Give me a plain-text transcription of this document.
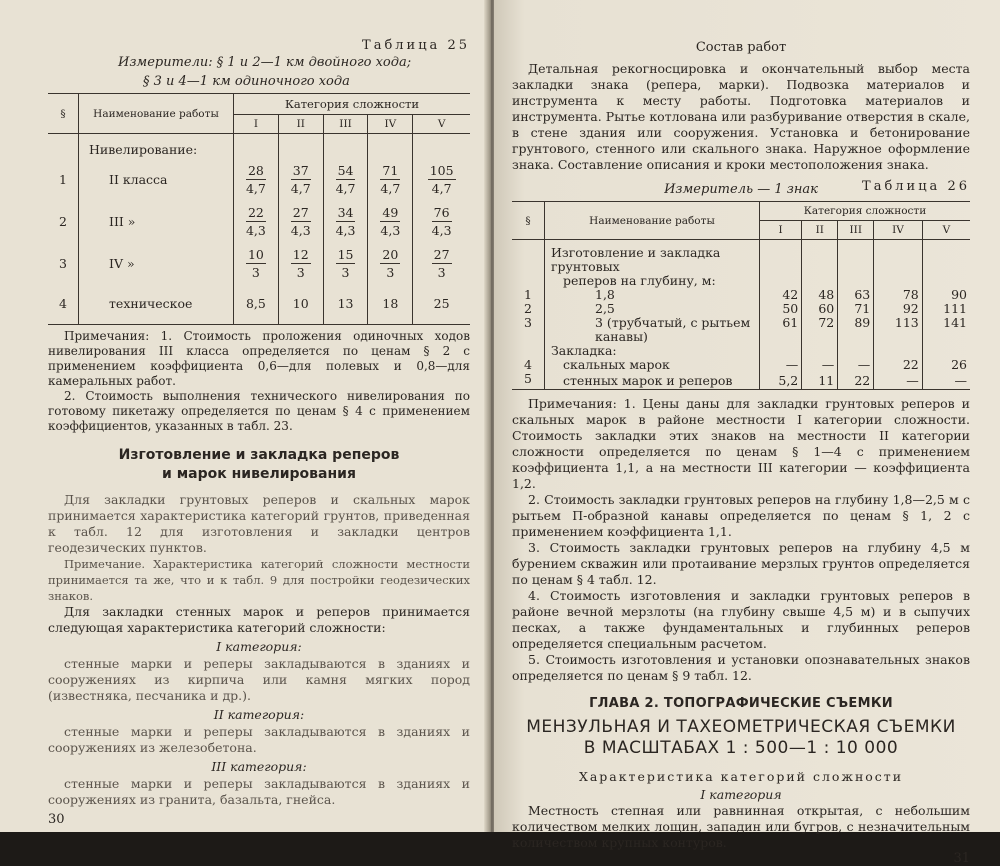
Таблица 25
Измерители: § 1 и 2—1 км двойного хода;
§ 3 и 4—1 км одиночного хода
§	Наименование работы	Категория сложности				
		I	II	III	IV	V
	Нивелирование:					
1	II класса	$\frac{28}{4,7}$	$\frac{37}{4,7}$	$\frac{54}{4,7}$	$\frac{71}{4,7}$	$\frac{105}{4,7}$

2	III »	$\frac{22}{4,3}$	$\frac{27}{4,3}$	$\frac{34}{4,3}$	$\frac{49}{4,3}$	$\frac{76}{4,3}$

3	IV »	$\frac{10}{3}$	$\frac{12}{3}$	$\frac{15}{3}$	$\frac{20}{3}$	$\frac{27}{3}$

4	техническое	8,5	10	13	18	25

Примечания: 1. Стоимость проложения одиночных ходов нивелирования III класса определяется по ценам § 2 с применением коэффициента 0,6—для полевых и 0,8—для камеральных работ.

2. Стоимость выполнения технического нивелирования по готовому пикетажу определяется по ценам § 4 с применением коэффициентов, указанных в табл. 23.

Изготовление и закладка реперов
и марок нивелирования

Для закладки грунтовых реперов и скальных марок принимается характеристика категорий грунтов, приведенная к табл. 12 для изготовления и закладки центров геодезических пунктов.

Примечание. Характеристика категорий сложности местности принимается та же, что и к табл. 9 для постройки геодезических знаков.

Для закладки стенных марок и реперов принимается следующая характеристика категорий сложности:

I категория:

стенные марки и реперы закладываются в зданиях и сооружениях из кирпича или камня мягких пород (известняка, песчаника и др.).

II категория:

стенные марки и реперы закладываются в зданиях и сооружениях из железобетона.

III категория:

стенные марки и реперы закладываются в зданиях и сооружениях из гранита, базальта, гнейса.

30
Состав работ

Детальная рекогносцировка и окончательный выбор места закладки знака (репера, марки). Подвозка материалов и инструмента к месту работы. Подготовка материалов и инструмента. Рытье котлована или разбуривание отверстия в скале, в стене здания или сооружения. Установка и бетонирование грунтового, стенного или скального знака. Наружное оформление знака. Составление описания и кроки местоположения знака.

Таблица 26
Измеритель — 1 знак
§	Наименование работы	Категория сложности				
		I	II	III	IV	V
	Изготовление и закладка грунтовых					
	реперов на глубину, м:					
1	1,8	42	48	63	78	90
2	2,5	50	60	71	92	111
3	3 (трубчатый, с рытьем канавы)	61	72	89	113	141
	Закладка:					
4	скальных марок	—	—	—	22	26
5	стенных марок и реперов	5,2	11	22	—	—

Примечания: 1. Цены даны для закладки грунтовых реперов и скальных марок в районе местности I категории сложности. Стоимость закладки этих знаков на местности II категории сложности определяется по ценам § 1—4 с применением коэффициента 1,1, а на местности III категории — коэффициента 1,2.

2. Стоимость закладки грунтовых реперов на глубину 1,8—2,5 м с рытьем П-образной канавы определяется по ценам § 1, 2 с применением коэффициента 1,1.

3. Стоимость закладки грунтовых реперов на глубину 4,5 м бурением скважин или протаивание мерзлых грунтов определяется по ценам § 4 табл. 12.

4. Стоимость изготовления и закладки грунтовых реперов в районе вечной мерзлоты (на глубину свыше 4,5 м) и в сыпучих песках, а также фундаментальных и глубинных реперов определяется специальным расчетом.

5. Стоимость изготовления и установки опознавательных знаков определяется по ценам § 9 табл. 12.

ГЛАВА 2. ТОПОГРАФИЧЕСКИЕ СЪЕМКИ
МЕНЗУЛЬНАЯ И ТАХЕОМЕТРИЧЕСКАЯ СЪЕМКИ
В МАСШТАБАХ 1 : 500—1 : 10 000
Характеристика категорий сложности
I категория

Местность степная или равнинная открытая, с небольшим количеством мелких лощин, западин или бугров, с незначительным количеством крупных контуров.

31
